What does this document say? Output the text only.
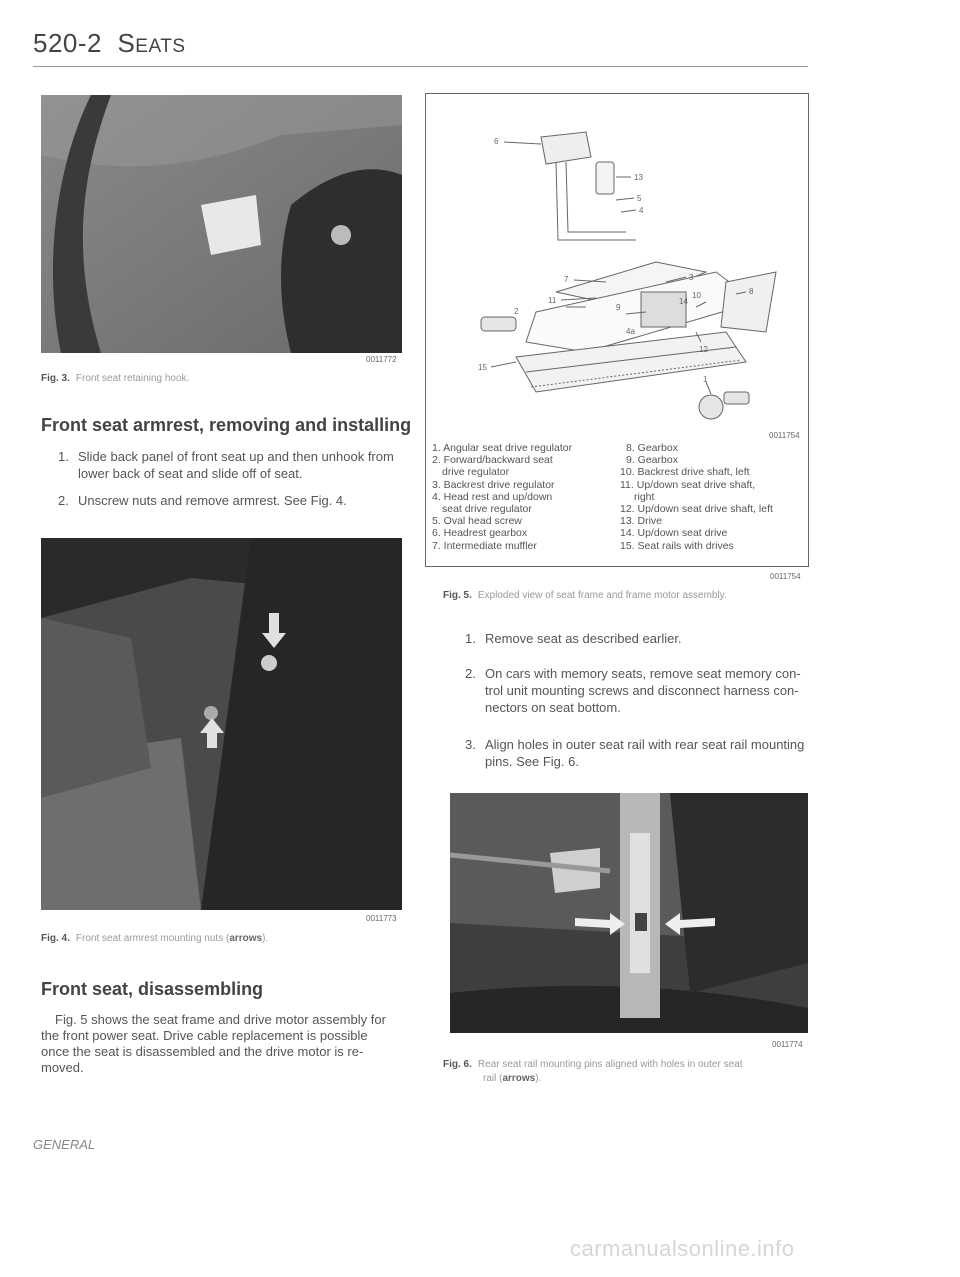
520-2 SEATS
0011772
Fig. 3. Front seat retaining hook.
Front seat armrest, removing and installing
1. Slide back panel of front seat up and then unhook from
lower back of seat and slide off of seat.
2. Unscrew nuts and remove armrest. See Fig. 4.
0011773
Fig. 4. Front seat armrest mounting nuts (arrows).
Front seat, disassembling
Fig. 5 shows the seat frame and drive motor assembly for
the front power seat. Drive cable replacement is possible
once the seat is disassembled and the drive motor is re-
moved.
6
13
5
4
7
11
2
3
9
14
10	8
4a
12
15
1
0011754
1. Angular seat drive regulator
2. Forward/backward seat
drive regulator
3. Backrest drive regulator
4. Head rest and up/down
seat drive regulator
5. Oval head screw
6. Headrest gearbox
7. Intermediate muffler
8. Gearbox
9. Gearbox
10. Backrest drive shaft, left
11. Up/down seat drive shaft,
right
12. Up/down seat drive shaft, left
13. Drive
14. Up/down seat drive
15. Seat rails with drives
0011754
Fig. 5. Exploded view of seat frame and frame motor assembly.
1. Remove seat as described earlier.
2. On cars with memory seats, remove seat memory con-
trol unit mounting screws and disconnect harness con-
nectors on seat bottom.
3. Align holes in outer seat rail with rear seat rail mounting
pins. See Fig. 6.
0011774
Fig. 6. Rear seat rail mounting pins aligned with holes in outer seat
rail (arrows).
GENERAL
carmanualsonline.info
